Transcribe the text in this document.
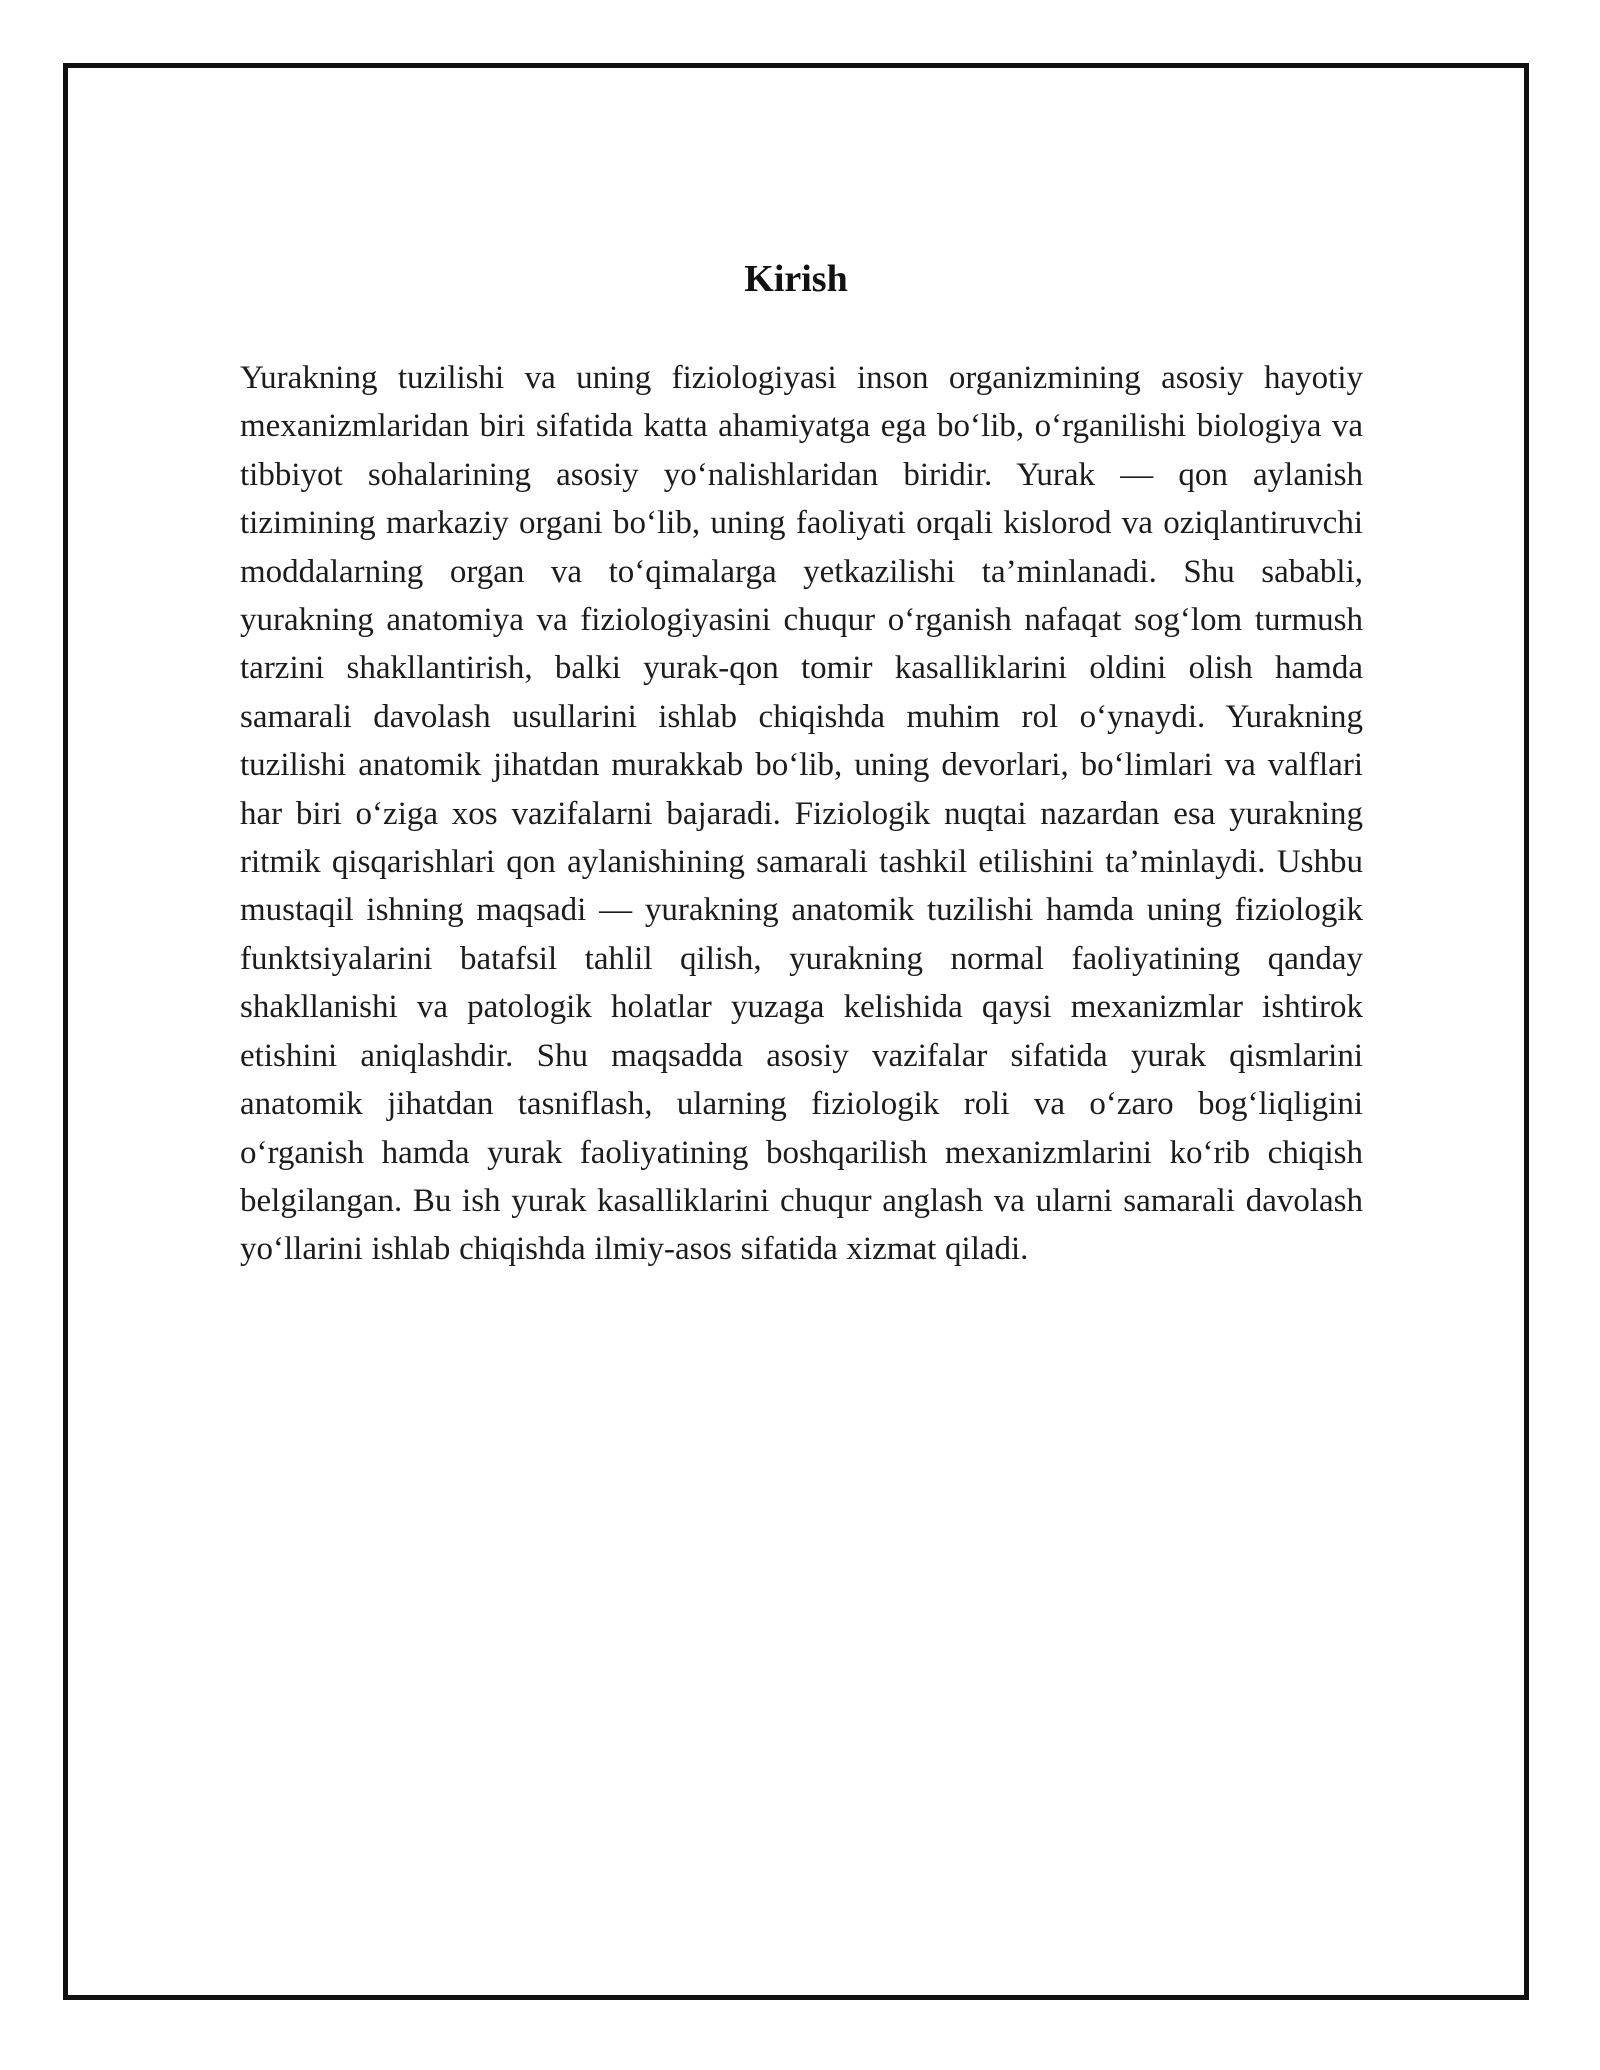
Kirish

Yurakning tuzilishi va uning fiziologiyasi inson organizmining asosiy hayotiy mexanizmlaridan biri sifatida katta ahamiyatga ega bo‘lib, o‘rganilishi biologiya va tibbiyot sohalarining asosiy yo‘nalishlaridan biridir. Yurak — qon aylanish tizimining markaziy organi bo‘lib, uning faoliyati orqali kislorod va oziqlantiruvchi moddalarning organ va to‘qimalarga yetkazilishi ta’minlanadi. Shu sababli, yurakning anatomiya va fiziologiyasini chuqur o‘rganish nafaqat sog‘lom turmush tarzini shakllantirish, balki yurak-qon tomir kasalliklarini oldini olish hamda samarali davolash usullarini ishlab chiqishda muhim rol o‘ynaydi. Yurakning tuzilishi anatomik jihatdan murakkab bo‘lib, uning devorlari, bo‘limlari va valflari har biri o‘ziga xos vazifalarni bajaradi. Fiziologik nuqtai nazardan esa yurakning ritmik qisqarishlari qon aylanishining samarali tashkil etilishini ta’minlaydi. Ushbu mustaqil ishning maqsadi — yurakning anatomik tuzilishi hamda uning fiziologik funktsiyalarini batafsil tahlil qilish, yurakning normal faoliyatining qanday shakllanishi va patologik holatlar yuzaga kelishida qaysi mexanizmlar ishtirok etishini aniqlashdir. Shu maqsadda asosiy vazifalar sifatida yurak qismlarini anatomik jihatdan tasniflash, ularning fiziologik roli va o‘zaro bog‘liqligini o‘rganish hamda yurak faoliyatining boshqarilish mexanizmlarini ko‘rib chiqish belgilangan. Bu ish yurak kasalliklarini chuqur anglash va ularni samarali davolash yo‘llarini ishlab chiqishda ilmiy-asos sifatida xizmat qiladi.
